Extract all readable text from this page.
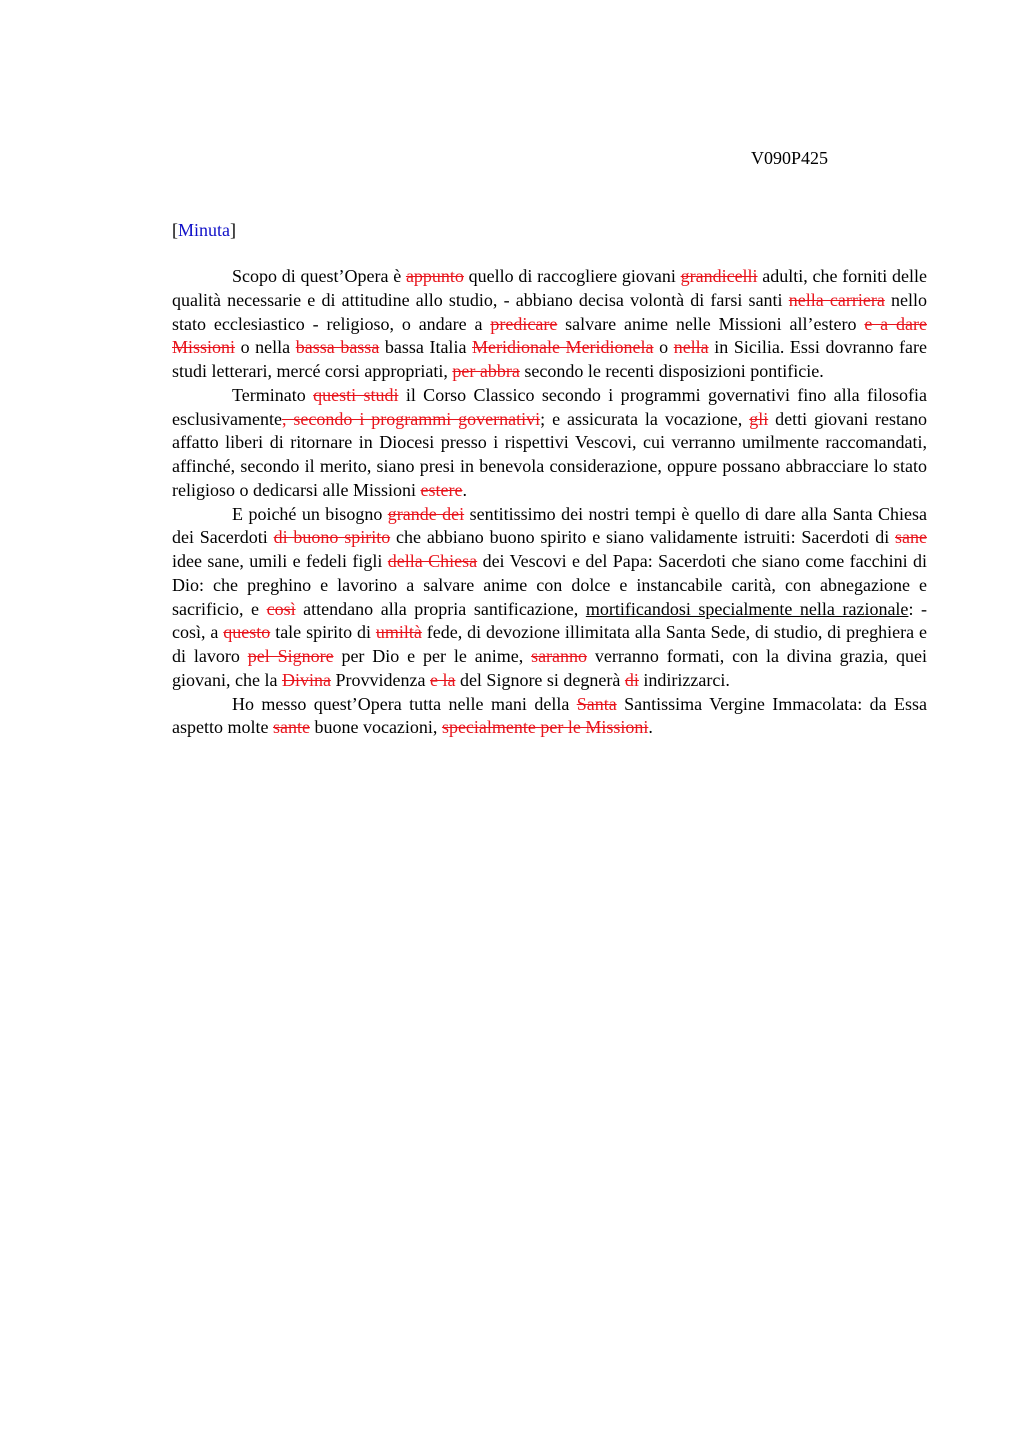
V090P425
[Minuta]

Scopo di quest’Opera è appunto quello di raccogliere giovani grandicelli adulti, che forniti delle qualità necessarie e di attitudine allo studio, - abbiano decisa volontà di farsi santi nella carriera nello stato ecclesiastico - religioso, o andare a predicare salvare anime nelle Missioni all’estero e a dare Missioni o nella bassa bassa bassa Italia Meridionale Meridionela o nella in Sicilia. Essi dovranno fare studi letterari, mercé corsi appropriati, per abbra secondo le recenti disposizioni pontificie.

Terminato questi studi il Corso Classico secondo i programmi governativi fino alla filosofia esclusivamente, secondo i programmi governativi; e assicurata la vocazione, gli detti giovani restano affatto liberi di ritornare in Diocesi presso i rispettivi Vescovi, cui verranno umilmente raccomandati, affinché, secondo il merito, siano presi in benevola considerazione, oppure possano abbracciare lo stato religioso o dedicarsi alle Missioni estere.

E poiché un bisogno grande dei sentitissimo dei nostri tempi è quello di dare alla Santa Chiesa dei Sacerdoti di buono spirito che abbiano buono spirito e siano validamente istruiti: Sacerdoti di sane idee sane, umili e fedeli figli della Chiesa dei Vescovi e del Papa: Sacerdoti che siano come facchini di Dio: che preghino e lavorino a salvare anime con dolce e instancabile carità, con abnegazione e sacrificio, e così attendano alla propria santificazione, mortificandosi specialmente nella razionale: - così, a questo tale spirito di umiltà fede, di devozione illimitata alla Santa Sede, di studio, di preghiera e di lavoro pel Signore per Dio e per le anime, saranno verranno formati, con la divina grazia, quei giovani, che la Divina Provvidenza e la del Signore si degnerà di indirizzarci.

Ho messo quest’Opera tutta nelle mani della Santa Santissima Vergine Immacolata: da Essa aspetto molte sante buone vocazioni, specialmente per le Missioni.
